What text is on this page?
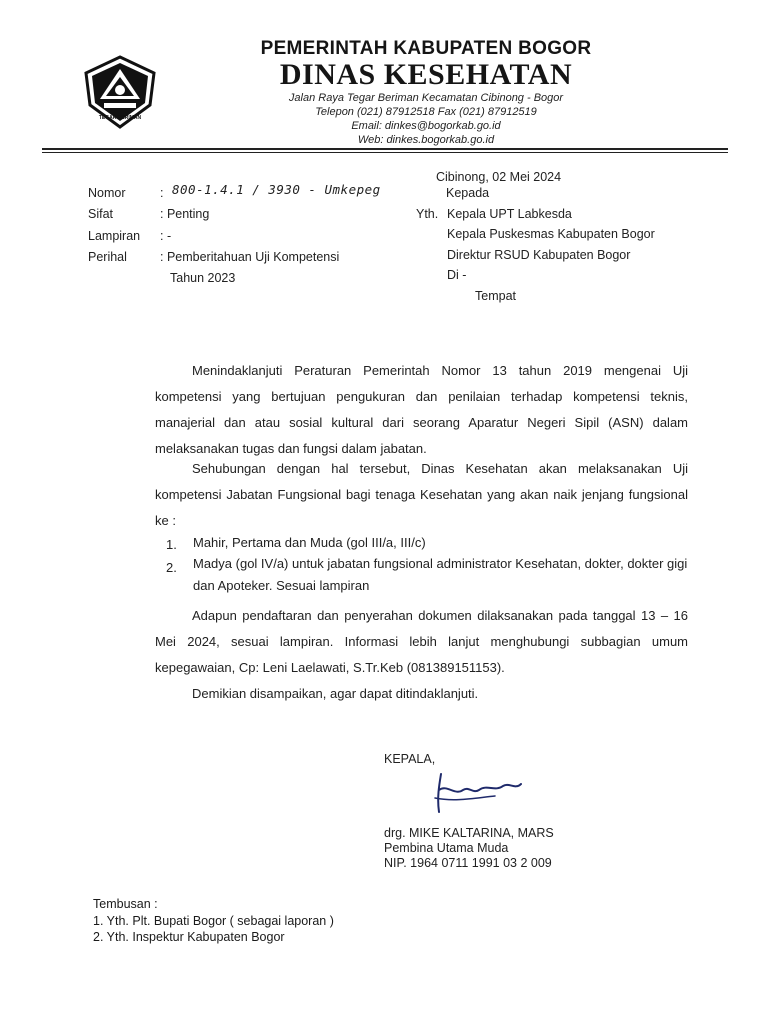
TEGAR BERIMAN
PEMERINTAH KABUPATEN BOGOR
DINAS KESEHATAN
Jalan Raya Tegar Beriman Kecamatan Cibinong - Bogor
Telepon (021) 87912518 Fax (021) 87912519
Email: dinkes@bogorkab.go.id
Web: dinkes.bogorkab.go.id
Nomor	: 800-1.4.1 / 3930 - Umkepeg
Sifat	: Penting
Lampiran : -
Perihal	: Pemberitahuan Uji Kompetensi
Tahun 2023
Cibinong, 02 Mei 2024
Kepada
Yth. Kepala UPT Labkesda
Kepala Puskesmas Kabupaten Bogor
Direktur RSUD Kabupaten Bogor
Di -
Tempat
Menindaklanjuti Peraturan Pemerintah Nomor 13 tahun 2019 mengenai Uji kompetensi yang bertujuan pengukuran dan penilaian terhadap kompetensi teknis, manajerial dan atau sosial kultural dari seorang Aparatur Negeri Sipil (ASN) dalam melaksanakan tugas dan fungsi dalam jabatan.
Sehubungan dengan hal tersebut, Dinas Kesehatan akan melaksanakan Uji kompetensi Jabatan Fungsional bagi tenaga Kesehatan yang akan naik jenjang fungsional ke :
1. Mahir, Pertama dan Muda (gol III/a, III/c)
2. Madya (gol IV/a) untuk jabatan fungsional administrator Kesehatan, dokter, dokter gigi dan Apoteker. Sesuai lampiran
Adapun pendaftaran dan penyerahan dokumen dilaksanakan pada tanggal 13 – 16 Mei 2024, sesuai lampiran. Informasi lebih lanjut menghubungi subbagian umum kepegawaian, Cp: Leni Laelawati, S.Tr.Keb (081389151153).
Demikian disampaikan, agar dapat ditindaklanjuti.
KEPALA,
drg. MIKE KALTARINA, MARS
Pembina Utama Muda
NIP. 1964 0711 1991 03 2 009
Tembusan :
1. Yth. Plt. Bupati Bogor ( sebagai laporan )
2. Yth. Inspektur Kabupaten Bogor
